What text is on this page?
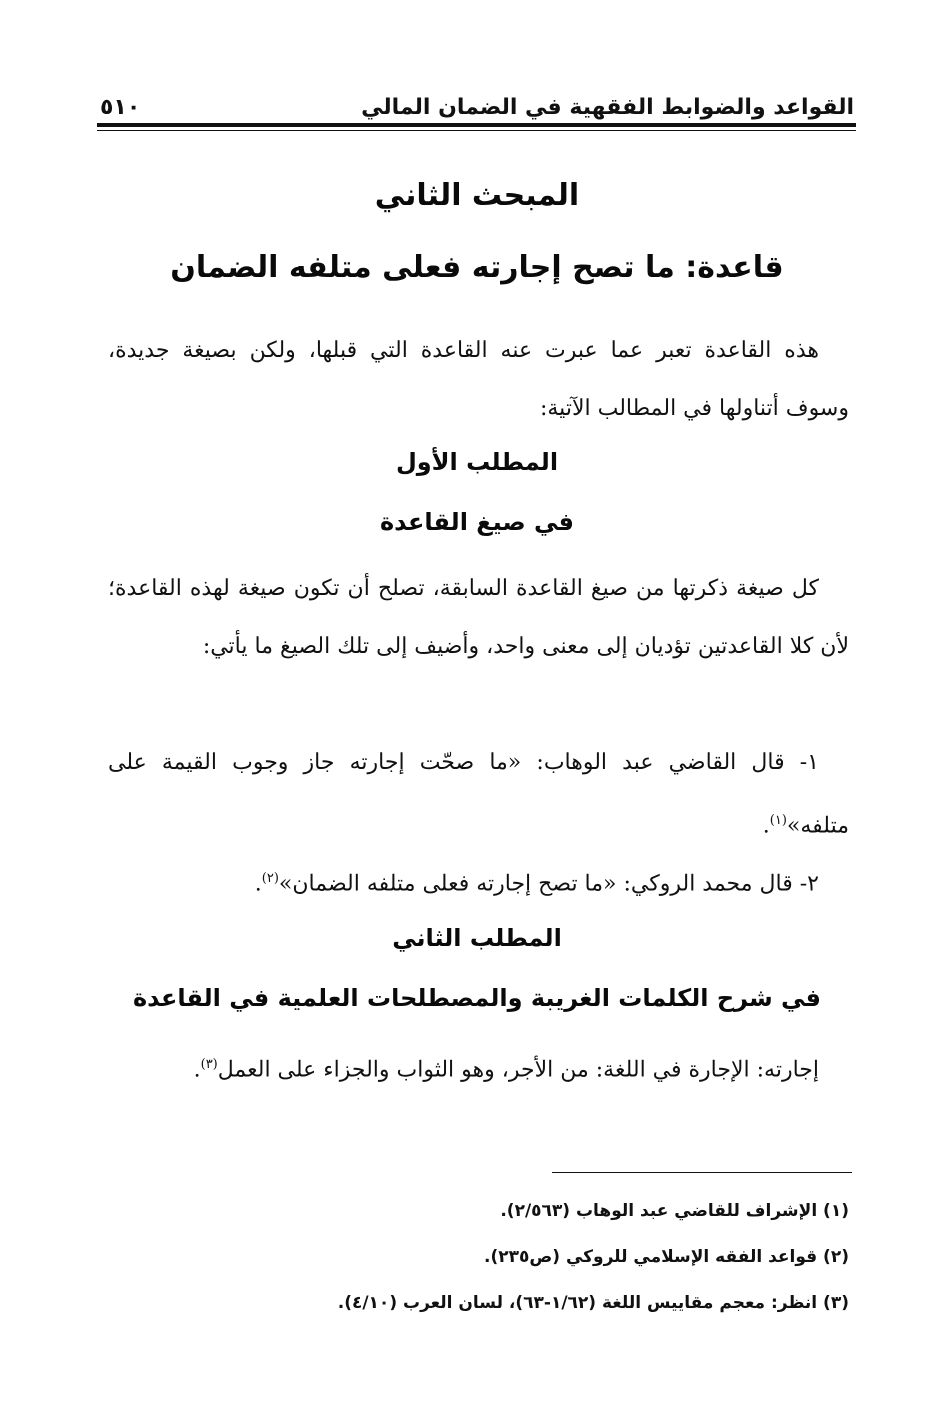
القواعد والضوابط الفقهية في الضمان المالي
٥١٠
المبحث الثاني
قاعدة: ما تصح إجارته فعلى متلفه الضمان
هذه القاعدة تعبر عما عبرت عنه القاعدة التي قبلها، ولكن بصيغة جديدة، وسوف أتناولها في المطالب الآتية:
المطلب الأول
في صيغ القاعدة
كل صيغة ذكرتها من صيغ القاعدة السابقة، تصلح أن تكون صيغة لهذه القاعدة؛ لأن كلا القاعدتين تؤديان إلى معنى واحد، وأضيف إلى تلك الصيغ ما يأتي:
١- قال القاضي عبد الوهاب: «ما صحّت إجارته جاز وجوب القيمة على متلفه»$^{(١)}$.
٢- قال محمد الروكي: «ما تصح إجارته فعلى متلفه الضمان»$^{(٢)}$.
المطلب الثاني
في شرح الكلمات الغريبة والمصطلحات العلمية في القاعدة
إجارته: الإجارة في اللغة: من الأجر، وهو الثواب والجزاء على العمل$^{(٣)}$.
(١) الإشراف للقاضي عبد الوهاب (٢/٥٦٣).
(٢) قواعد الفقه الإسلامي للروكي (ص٢٣٥).
(٣) انظر: معجم مقاييس اللغة (١/٦٢-٦٣)، لسان العرب (٤/١٠).
